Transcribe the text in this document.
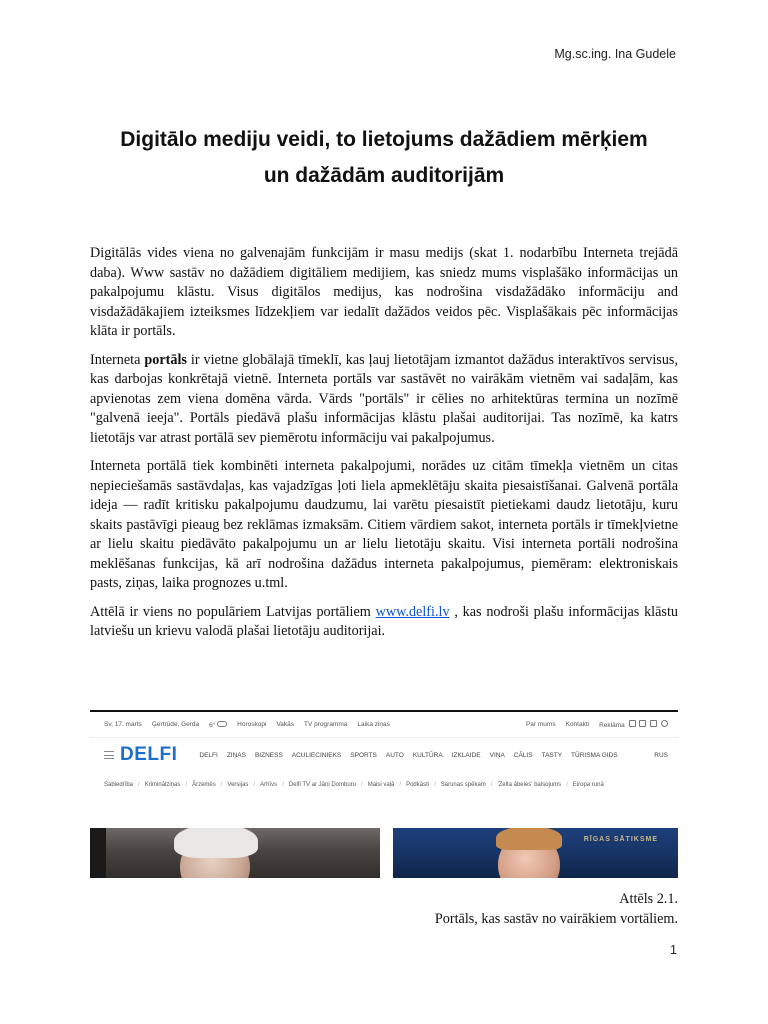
Mg.sc.ing. Ina Gudele
Digitālo mediju veidi, to lietojums dažādiem mērķiem
un dažādām auditorijām

Digitālās vides viena no galvenajām funkcijām ir masu medijs (skat 1. nodarbību Interneta trejādā daba). Www sastāv no dažādiem digitāliem medijiem, kas sniedz mums visplašāko informācijas un pakalpojumu klāstu. Visus digitālos medijus, kas nodrošina visdažādāko informāciju and visdažādākajiem izteiksmes līdzekļiem var iedalīt dažādos veidos pēc. Visplašākais pēc informācijas klāta ir portāls.

Interneta portāls ir vietne globālajā tīmeklī, kas ļauj lietotājam izmantot dažādus interaktīvos servisus, kas darbojas konkrētajā vietnē. Interneta portāls var sastāvēt no vairākām vietnēm vai sadaļām, kas apvienotas zem viena domēna vārda. Vārds "portāls" ir cēlies no arhitektūras termina un nozīmē "galvenā ieeja". Portāls piedāvā plašu informācijas klāstu plašai auditorijai. Tas nozīmē, ka katrs lietotājs var atrast portālā sev piemērotu informāciju vai pakalpojumus.

Interneta portālā tiek kombinēti interneta pakalpojumi, norādes uz citām tīmekļa vietnēm un citas nepieciešamās sastāvdaļas, kas vajadzīgas ļoti liela apmeklētāju skaita piesaistīšanai. Galvenā portāla ideja — radīt kritisku pakalpojumu daudzumu, lai varētu piesaistīt pietiekami daudz lietotāju, kuru skaits pastāvīgi pieaug bez reklāmas izmaksām. Citiem vārdiem sakot, interneta portāls ir tīmekļvietne ar lielu skaitu piedāvāto pakalpojumu un ar lielu lietotāju skaitu. Visi interneta portāli nodrošina meklēšanas funkcijas, kā arī nodrošina dažādus interneta pakalpojumus, piemēram: elektroniskais pasts, ziņas, laika prognozes u.tml.

Attēlā ir viens no populāriem Latvijas portāliem www.delfi.lv , kas nodroši plašu informācijas klāstu latviešu un krievu valodā plašai lietotāju auditorijai.

Sv, 17. marts Ģertrūde, Gerda 6°	Horoskopi Vakās TV programma Laika ziņas	Par mums Kontakti Reklāma
DELFI	DELFI ZIŅAS BIZNESS ACULIECINIEKS SPORTS AUTO KULTŪRA IZKLAIDE VIŅA CĀLIS TASTY TŪRISMA GIDS	RUS
Sabiedrība / Kriminālziņas / Ārzemēs / Versijas / Arhīvs / Delfi TV ar Jāni Domburu / Maisi vaļā / Podkāsti / Sarunas spēkam / 'Zelta ābeles' balsojums / Eiropa runā
RĪGAS SĀTIKSME
Attēls 2.1.
Portāls, kas sastāv no vairākiem vortāliem.
1
